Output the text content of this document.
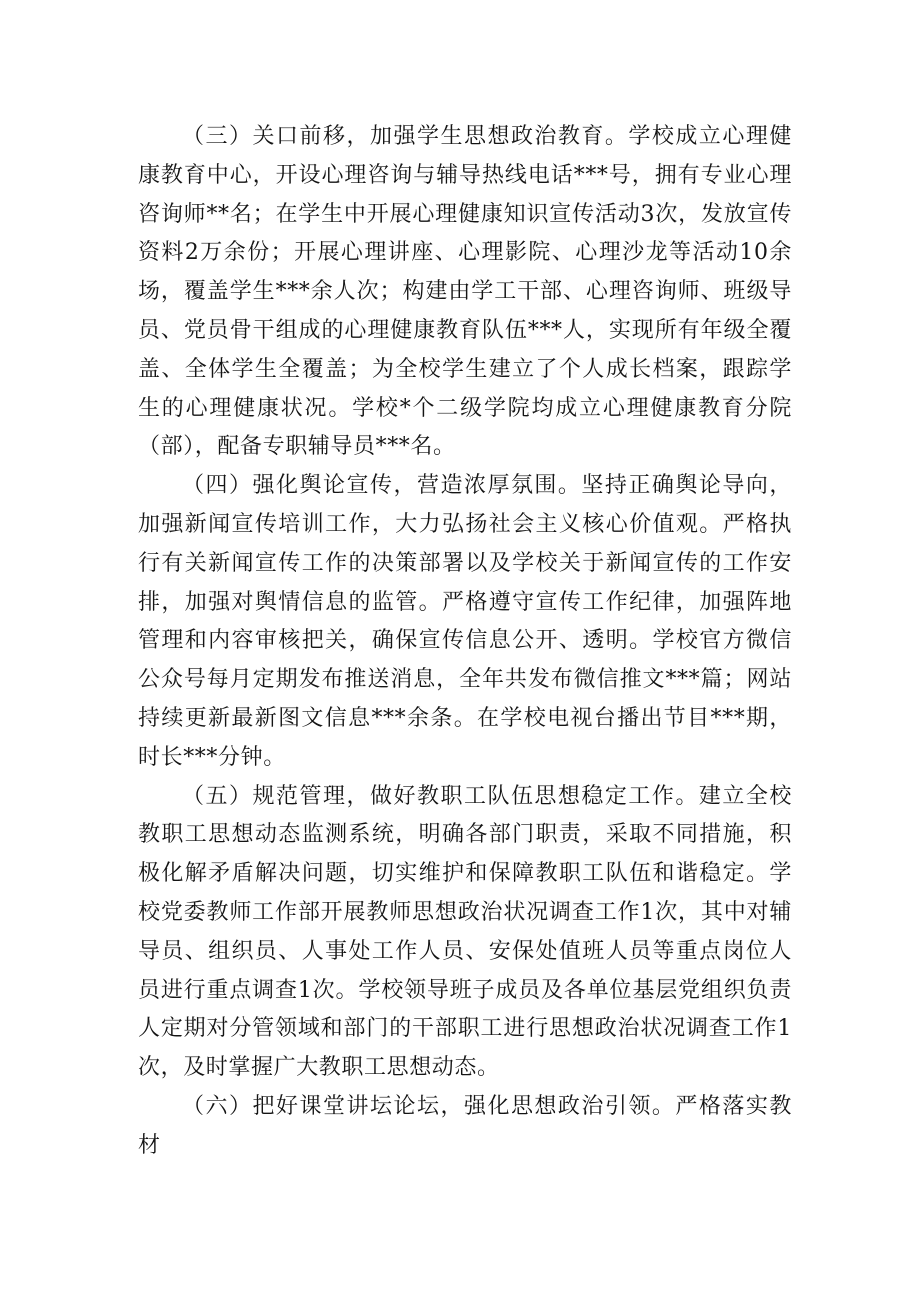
（三）关口前移，加强学生思想政治教育。学校成立心理健康教育中心，开设心理咨询与辅导热线电话***号，拥有专业心理咨询师**名；在学生中开展心理健康知识宣传活动3次，发放宣传资料2万余份；开展心理讲座、心理影院、心理沙龙等活动10余场，覆盖学生***余人次；构建由学工干部、心理咨询师、班级导员、党员骨干组成的心理健康教育队伍***人，实现所有年级全覆盖、全体学生全覆盖；为全校学生建立了个人成长档案，跟踪学生的心理健康状况。学校*个二级学院均成立心理健康教育分院（部），配备专职辅导员***名。

（四）强化舆论宣传，营造浓厚氛围。坚持正确舆论导向，加强新闻宣传培训工作，大力弘扬社会主义核心价值观。严格执行有关新闻宣传工作的决策部署以及学校关于新闻宣传的工作安排，加强对舆情信息的监管。严格遵守宣传工作纪律，加强阵地管理和内容审核把关，确保宣传信息公开、透明。学校官方微信公众号每月定期发布推送消息，全年共发布微信推文***篇；网站持续更新最新图文信息***余条。在学校电视台播出节目***期，时长***分钟。

（五）规范管理，做好教职工队伍思想稳定工作。建立全校教职工思想动态监测系统，明确各部门职责，采取不同措施，积极化解矛盾解决问题，切实维护和保障教职工队伍和谐稳定。学校党委教师工作部开展教师思想政治状况调查工作1次，其中对辅导员、组织员、人事处工作人员、安保处值班人员等重点岗位人员进行重点调查1次。学校领导班子成员及各单位基层党组织负责人定期对分管领域和部门的干部职工进行思想政治状况调查工作1次，及时掌握广大教职工思想动态。

（六）把好课堂讲坛论坛，强化思想政治引领。严格落实教材
